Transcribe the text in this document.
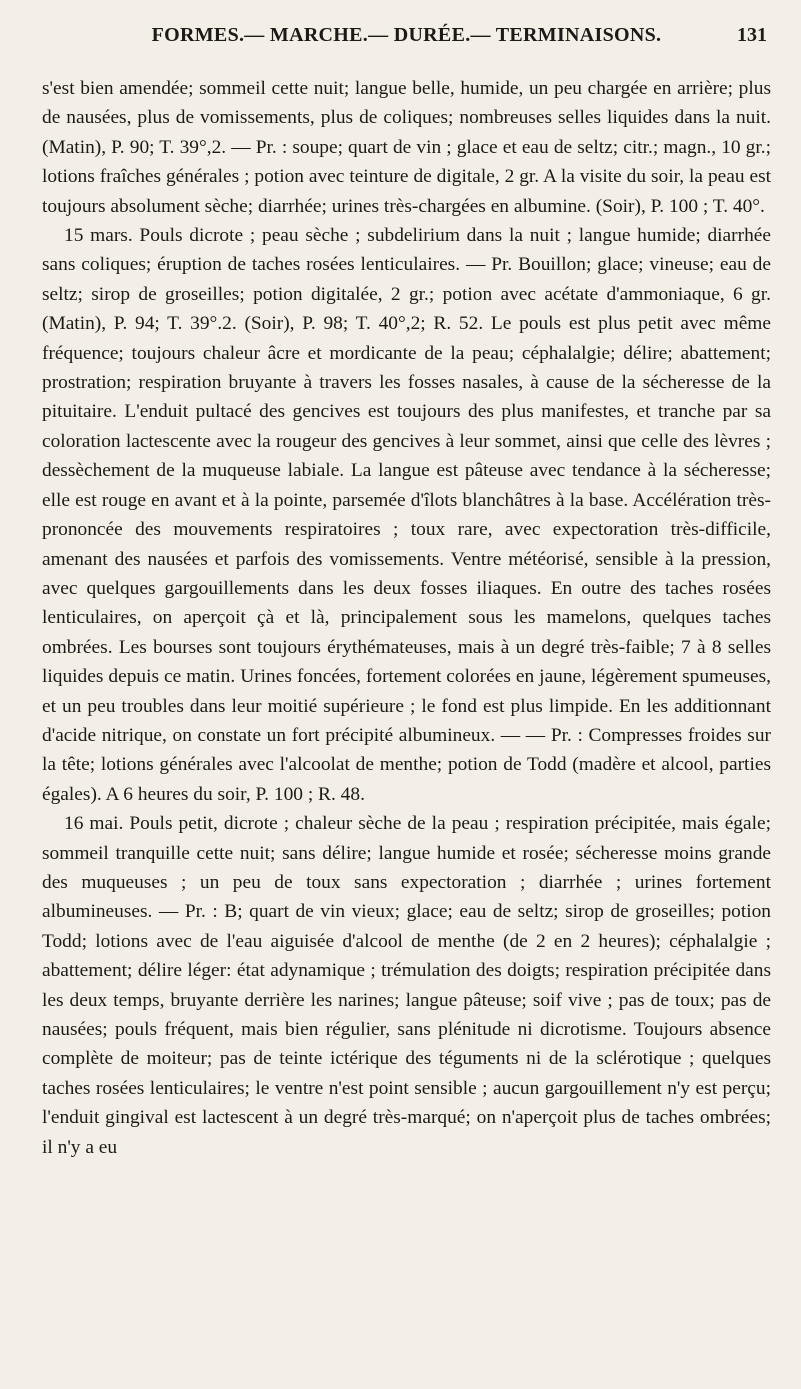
FORMES.— MARCHE.— DURÉE.— TERMINAISONS.	131

s'est bien amendée; sommeil cette nuit; langue belle, humide, un peu chargée en arrière; plus de nausées, plus de vomissements, plus de coliques; nombreuses selles liquides dans la nuit. (Matin), P. 90; T. 39°,2. — Pr. : soupe; quart de vin ; glace et eau de seltz; citr.; magn., 10 gr.; lotions fraîches générales ; potion avec teinture de digitale, 2 gr. A la visite du soir, la peau est toujours absolument sèche; diarrhée; urines très-chargées en albumine. (Soir), P. 100 ; T. 40°.

15 mars. Pouls dicrote ; peau sèche ; subdelirium dans la nuit ; langue humide; diarrhée sans coliques; éruption de taches rosées lenticulaires. — Pr. Bouillon; glace; vineuse; eau de seltz; sirop de groseilles; potion digitalée, 2 gr.; potion avec acétate d'ammoniaque, 6 gr. (Matin), P. 94; T. 39°.2. (Soir), P. 98; T. 40°,2; R. 52. Le pouls est plus petit avec même fréquence; toujours chaleur âcre et mordicante de la peau; céphalalgie; délire; abattement; prostration; respiration bruyante à travers les fosses nasales, à cause de la sécheresse de la pituitaire. L'enduit pultacé des gencives est toujours des plus manifestes, et tranche par sa coloration lactescente avec la rougeur des gencives à leur sommet, ainsi que celle des lèvres ; dessèchement de la muqueuse labiale. La langue est pâteuse avec tendance à la sécheresse; elle est rouge en avant et à la pointe, parsemée d'îlots blanchâtres à la base. Accélération très-prononcée des mouvements respiratoires ; toux rare, avec expectoration très-difficile, amenant des nausées et parfois des vomissements. Ventre météorisé, sensible à la pression, avec quelques gargouillements dans les deux fosses iliaques. En outre des taches rosées lenticulaires, on aperçoit çà et là, principalement sous les mamelons, quelques taches ombrées. Les bourses sont toujours érythémateuses, mais à un degré très-faible; 7 à 8 selles liquides depuis ce matin. Urines foncées, fortement colorées en jaune, légèrement spumeuses, et un peu troubles dans leur moitié supérieure ; le fond est plus limpide. En les additionnant d'acide nitrique, on constate un fort précipité albumineux. — — Pr. : Compresses froides sur la tête; lotions générales avec l'alcoolat de menthe; potion de Todd (madère et alcool, parties égales). A 6 heures du soir, P. 100 ; R. 48.

16 mai. Pouls petit, dicrote ; chaleur sèche de la peau ; respiration précipitée, mais égale; sommeil tranquille cette nuit; sans délire; langue humide et rosée; sécheresse moins grande des muqueuses ; un peu de toux sans expectoration ; diarrhée ; urines fortement albumineuses. — Pr. : B; quart de vin vieux; glace; eau de seltz; sirop de groseilles; potion Todd; lotions avec de l'eau aiguisée d'alcool de menthe (de 2 en 2 heures); céphalalgie ; abattement; délire léger: état adynamique ; trémulation des doigts; respiration précipitée dans les deux temps, bruyante derrière les narines; langue pâteuse; soif vive ; pas de toux; pas de nausées; pouls fréquent, mais bien régulier, sans plénitude ni dicrotisme. Toujours absence complète de moiteur; pas de teinte ictérique des téguments ni de la sclérotique ; quelques taches rosées lenticulaires; le ventre n'est point sensible ; aucun gargouillement n'y est perçu; l'enduit gingival est lactescent à un degré très-marqué; on n'aperçoit plus de taches ombrées; il n'y a eu
